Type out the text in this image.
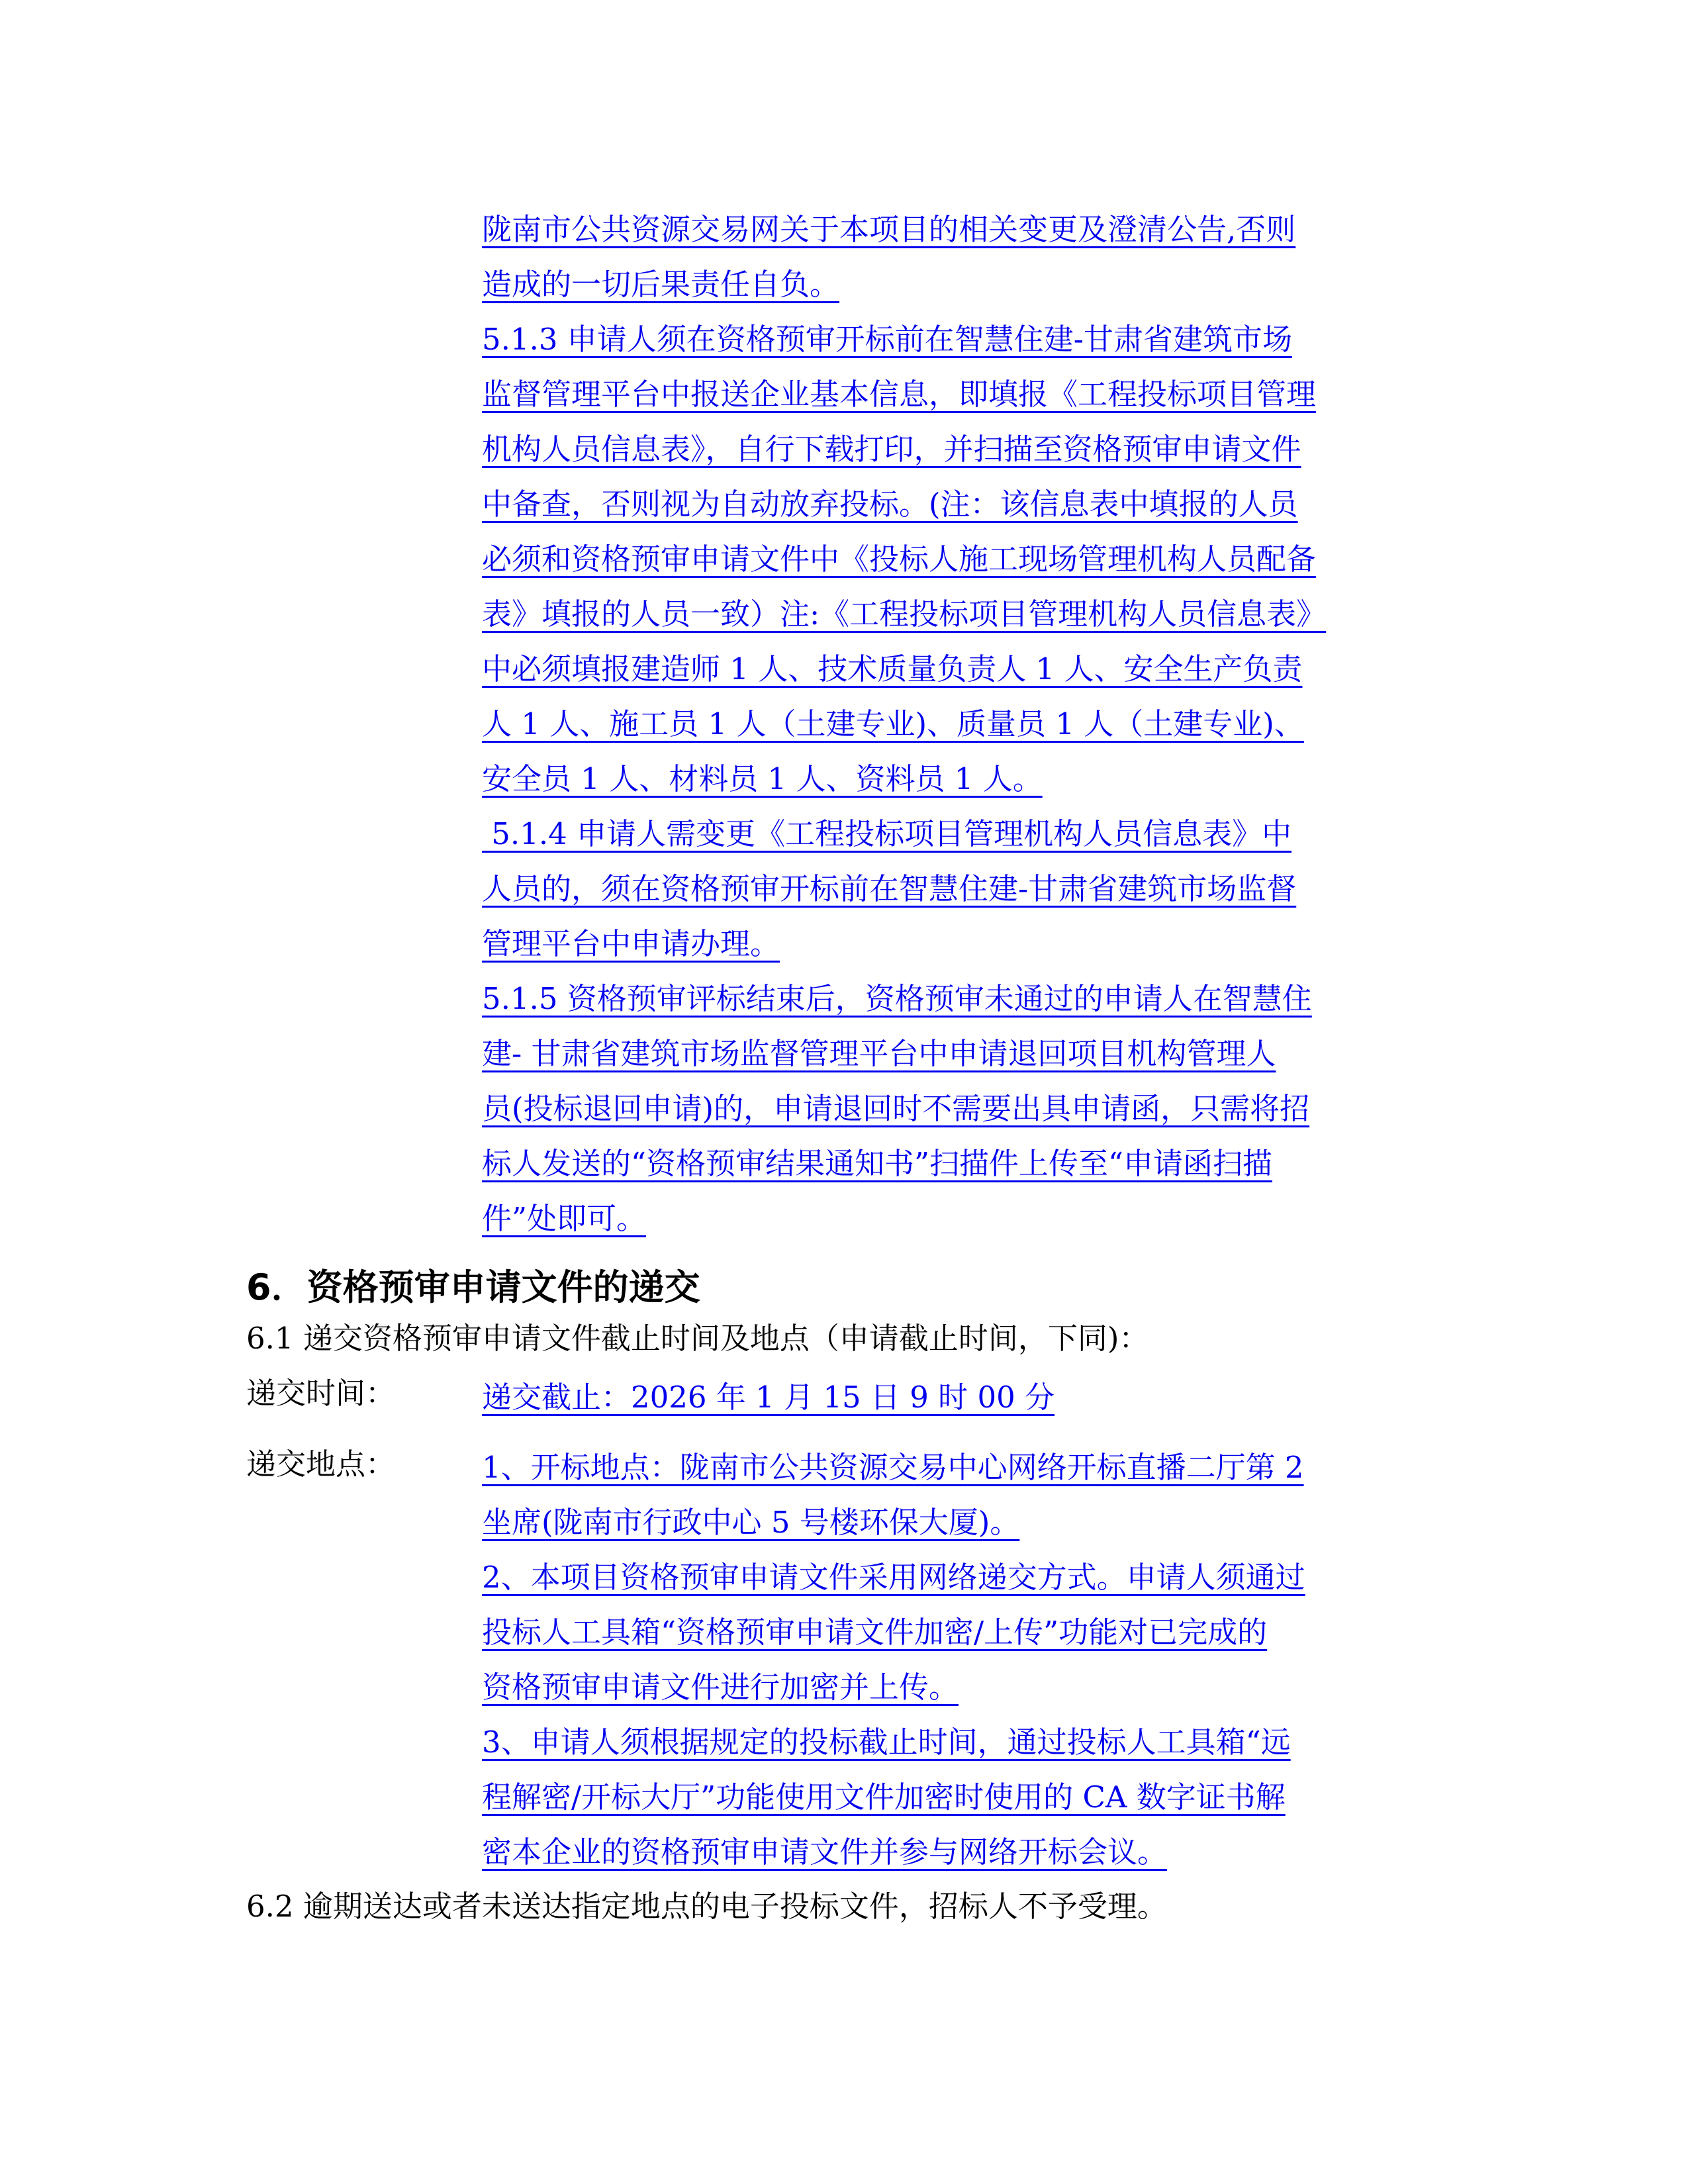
陇南市公共资源交易网关于本项目的相关变更及澄清公告,否则
造成的一切后果责任自负。
5.1.3 申请人须在资格预审开标前在智慧住建-甘肃省建筑市场
监督管理平台中报送企业基本信息，即填报《工程投标项目管理
机构人员信息表》，自行下载打印，并扫描至资格预审申请文件
中备查，否则视为自动放弃投标。(注：该信息表中填报的人员
必须和资格预审申请文件中《投标人施工现场管理机构人员配备
表》填报的人员一致）注:《工程投标项目管理机构人员信息表》
中必须填报建造师 1 人、技术质量负责人 1 人、安全生产负责
人 1 人、施工员 1 人（土建专业)、质量员 1 人（土建专业)、
安全员 1 人、材料员 1 人、资料员 1 人。
5.1.4 申请人需变更《工程投标项目管理机构人员信息表》中
人员的，须在资格预审开标前在智慧住建-甘肃省建筑市场监督
管理平台中申请办理。
5.1.5 资格预审评标结束后，资格预审未通过的申请人在智慧住
建- 甘肃省建筑市场监督管理平台中申请退回项目机构管理人
员(投标退回申请)的，申请退回时不需要出具申请函，只需将招
标人发送的“资格预审结果通知书”扫描件上传至“申请函扫描
件”处即可。
6．资格预审申请文件的递交
6.1 递交资格预审申请文件截止时间及地点（申请截止时间，下同)：
递交时间：	递交截止：2026 年 1 月 15 日 9 时 00 分
递交地点：	1、开标地点：陇南市公共资源交易中心网络开标直播二厅第 2
坐席(陇南市行政中心 5 号楼环保大厦)。
2、本项目资格预审申请文件采用网络递交方式。申请人须通过
投标人工具箱“资格预审申请文件加密/上传”功能对已完成的
资格预审申请文件进行加密并上传。
3、申请人须根据规定的投标截止时间，通过投标人工具箱“远
程解密/开标大厅”功能使用文件加密时使用的 CA 数字证书解
密本企业的资格预审申请文件并参与网络开标会议。
6.2 逾期送达或者未送达指定地点的电子投标文件，招标人不予受理。
